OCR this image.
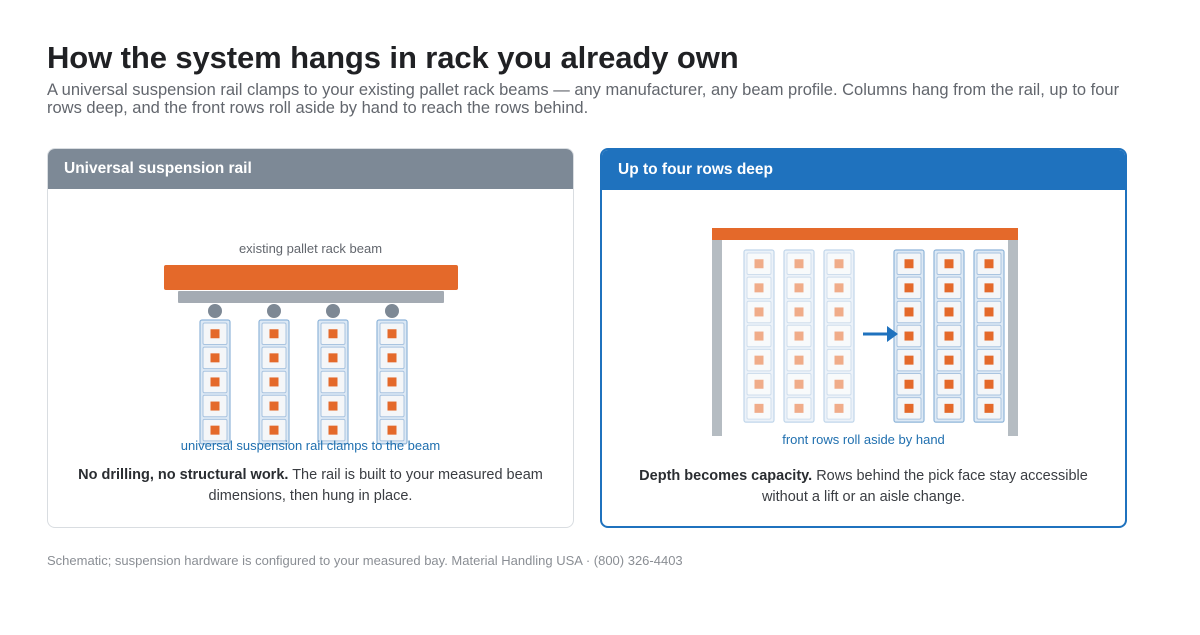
How the system hangs in rack you already own

A universal suspension rail clamps to your existing pallet rack beams — any manufacturer, any beam profile. Columns hang from the rail, up to four rows deep, and the front rows roll aside by hand to reach the rows behind.

Universal suspension rail
existing pallet rack beam
universal suspension rail clamps to the beam
No drilling, no structural work. The rail is built to your measured beam dimensions, then hung in place.
Up to four rows deep
front rows roll aside by hand
Depth becomes capacity. Rows behind the pick face stay accessible without a lift or an aisle change.

Schematic; suspension hardware is configured to your measured bay. Material Handling USA · (800) 326-4403
